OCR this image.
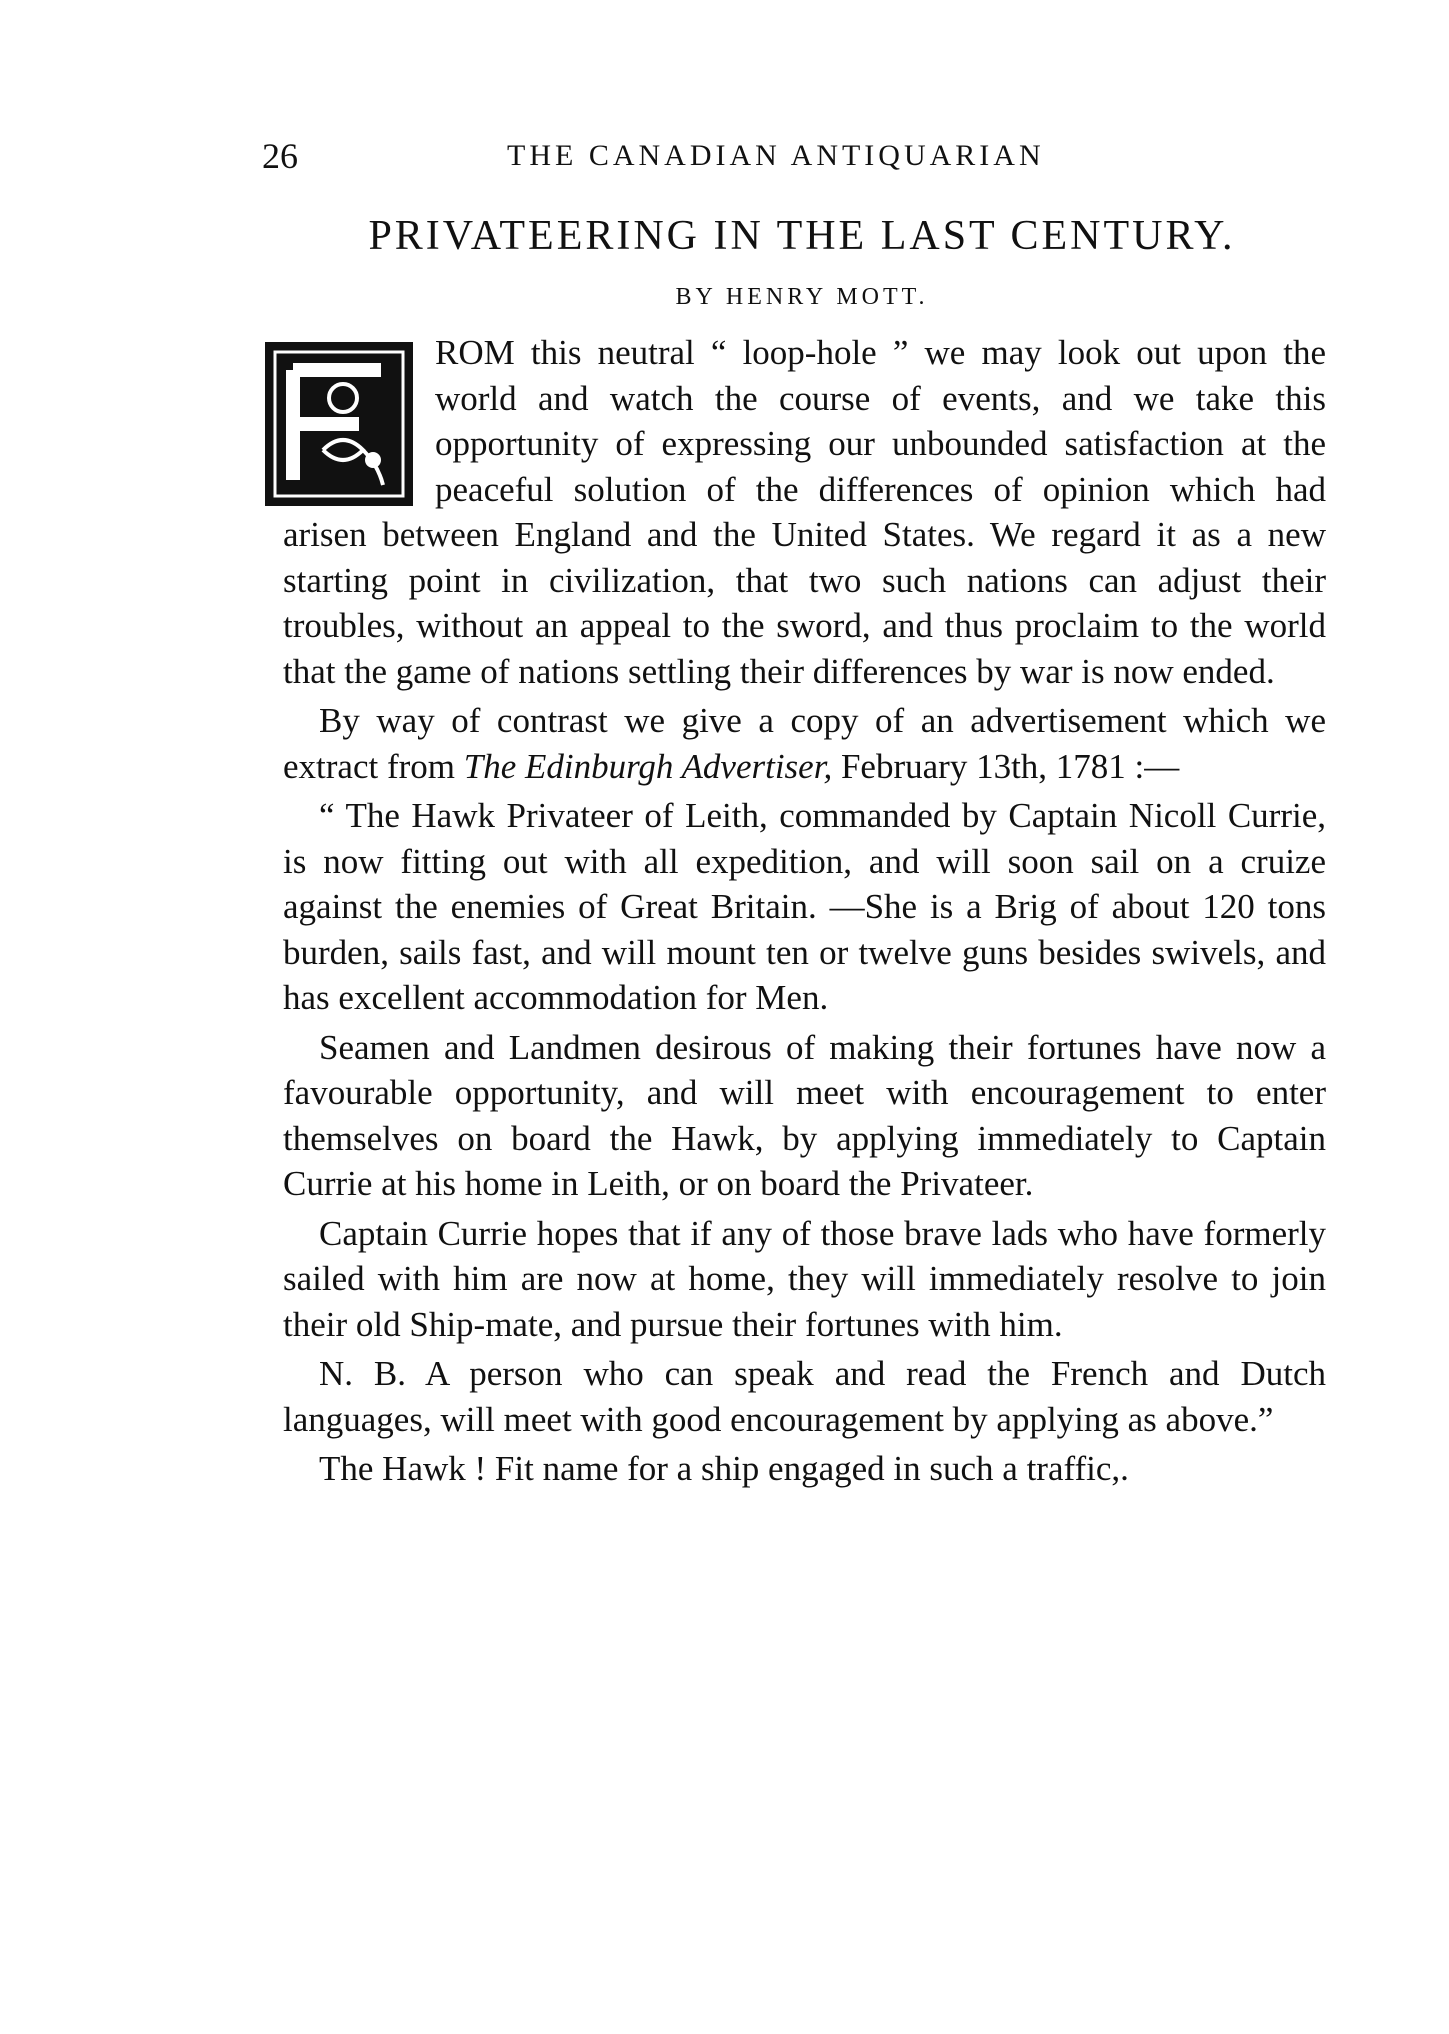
26	THE CANADIAN ANTIQUARIAN
PRIVATEERING IN THE LAST CENTURY.
BY HENRY MOTT.

ROM this neutral “ loop-hole ” we may look out upon the world and watch the course of events, and we take this opportunity of expressing our unbounded satisfaction at the peaceful solution of the differences of opinion which had arisen between England and the United States. We regard it as a new starting point in civilization, that two such nations can adjust their troubles, without an appeal to the sword, and thus proclaim to the world that the game of nations settling their differences by war is now ended.

By way of contrast we give a copy of an advertisement which we extract from The Edinburgh Advertiser, February 13th, 1781 :—

“ The Hawk Privateer of Leith, commanded by Captain Nicoll Currie, is now fitting out with all expedition, and will soon sail on a cruize against the enemies of Great Britain. —She is a Brig of about 120 tons burden, sails fast, and will mount ten or twelve guns besides swivels, and has excellent accommodation for Men.

Seamen and Landmen desirous of making their fortunes have now a favourable opportunity, and will meet with encouragement to enter themselves on board the Hawk, by applying immediately to Captain Currie at his home in Leith, or on board the Privateer.

Captain Currie hopes that if any of those brave lads who have formerly sailed with him are now at home, they will immediately resolve to join their old Ship-mate, and pursue their fortunes with him.

N. B. A person who can speak and read the French and Dutch languages, will meet with good encouragement by applying as above.”

The Hawk ! Fit name for a ship engaged in such a traffic,.
